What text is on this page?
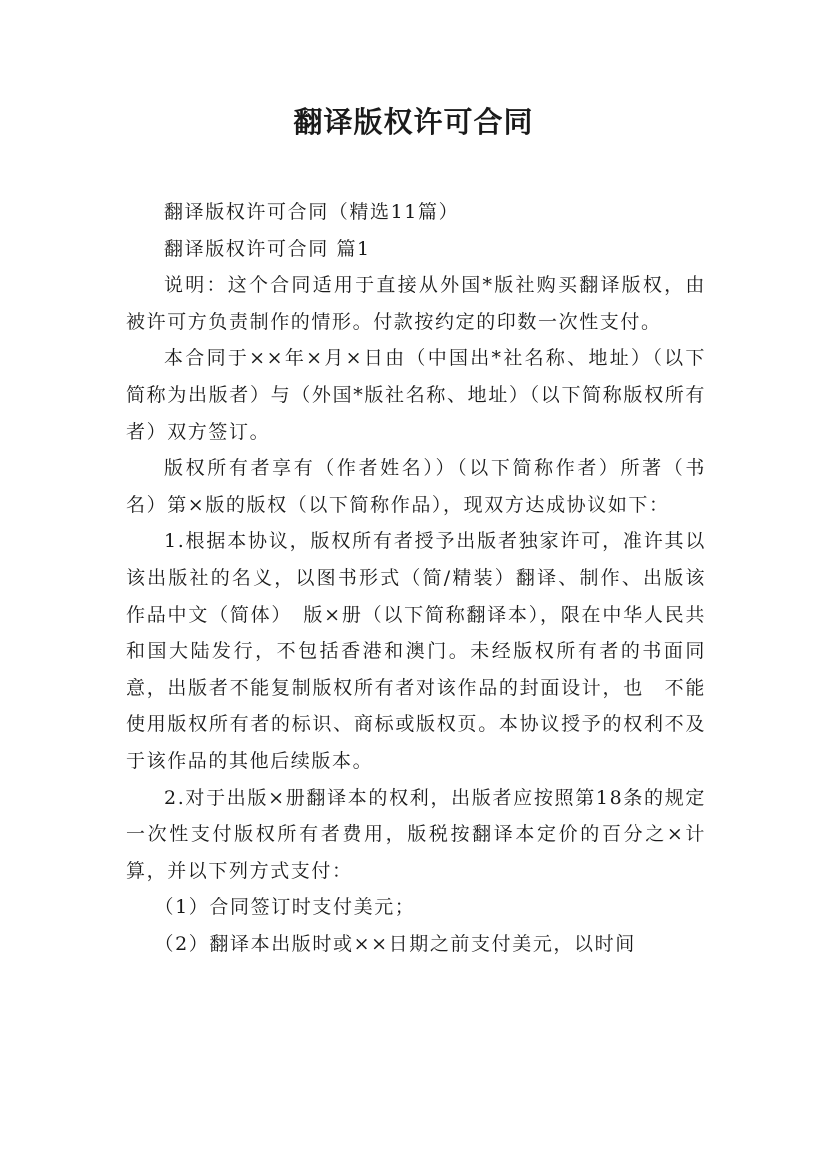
翻译版权许可合同

翻译版权许可合同（精选11篇）

翻译版权许可合同 篇1

说明：这个合同适用于直接从外国*版社购买翻译版权，由被许可方负责制作的情形。付款按约定的印数一次性支付。

本合同于××年×月×日由（中国出*社名称、地址）（以下简称为出版者）与（外国*版社名称、地址）（以下简称版权所有者）双方签订。

版权所有者享有（作者姓名））（以下简称作者）所著（书名）第×版的版权（以下简称作品），现双方达成协议如下：

1.根据本协议，版权所有者授予出版者独家许可，准许其以该出版社的名义，以图书形式（简/精装）翻译、制作、出版该作品中文（简体）　版×册（以下简称翻译本），限在中华人民共和国大陆发行，不包括香港和澳门。未经版权所有者的书面同意，出版者不能复制版权所有者对该作品的封面设计，也　不能使用版权所有者的标识、商标或版权页。本协议授予的权利不及于该作品的其他后续版本。

2.对于出版×册翻译本的权利，出版者应按照第18条的规定一次性支付版权所有者费用，版税按翻译本定价的百分之×计算，并以下列方式支付：

（1）合同签订时支付美元；

（2）翻译本出版时或××日期之前支付美元，以时间
